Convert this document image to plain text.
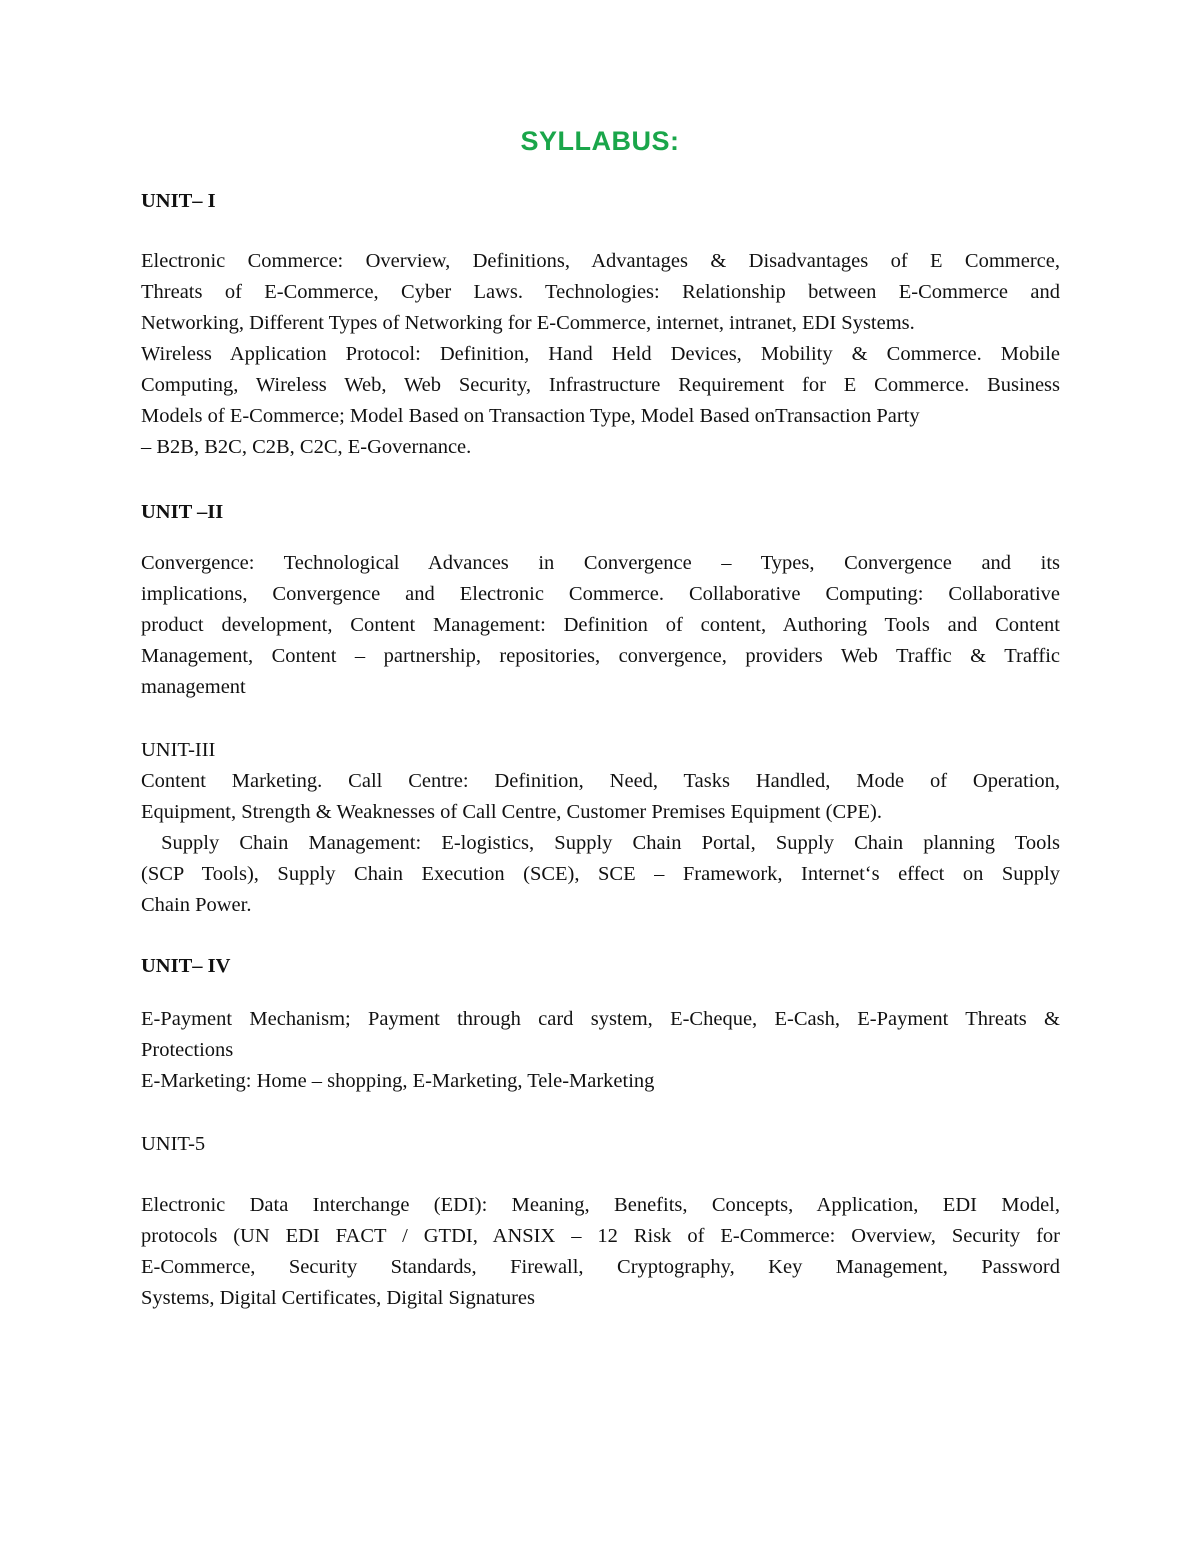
SYLLABUS:
UNIT– I
Electronic Commerce: Overview, Definitions, Advantages & Disadvantages of E Commerce,
Threats of E-Commerce, Cyber Laws. Technologies: Relationship between E-Commerce and
Networking, Different Types of Networking for E-Commerce, internet, intranet, EDI Systems.
Wireless Application Protocol: Definition, Hand Held Devices, Mobility & Commerce. Mobile
Computing, Wireless Web, Web Security, Infrastructure Requirement for E Commerce. Business
Models of E-Commerce; Model Based on Transaction Type, Model Based onTransaction Party
– B2B, B2C, C2B, C2C, E-Governance.
UNIT –II
Convergence: Technological Advances in Convergence – Types, Convergence and its
implications, Convergence and Electronic Commerce. Collaborative Computing: Collaborative
product development, Content Management: Definition of content, Authoring Tools and Content
Management, Content – partnership, repositories, convergence, providers Web Traffic & Traffic
management
UNIT-III
Content Marketing. Call Centre: Definition, Need, Tasks Handled, Mode of Operation,
Equipment, Strength & Weaknesses of Call Centre, Customer Premises Equipment (CPE).
Supply Chain Management: E-logistics, Supply Chain Portal, Supply Chain planning Tools
(SCP Tools), Supply Chain Execution (SCE), SCE – Framework, Internet‘s effect on Supply
Chain Power.
UNIT– IV
E-Payment Mechanism; Payment through card system, E-Cheque, E-Cash, E-Payment Threats &
Protections
E-Marketing: Home – shopping, E-Marketing, Tele-Marketing
UNIT-5
Electronic Data Interchange (EDI): Meaning, Benefits, Concepts, Application, EDI Model,
protocols (UN EDI FACT / GTDI, ANSIX – 12 Risk of E-Commerce: Overview, Security for
E-Commerce, Security Standards, Firewall, Cryptography, Key Management, Password
Systems, Digital Certificates, Digital Signatures
